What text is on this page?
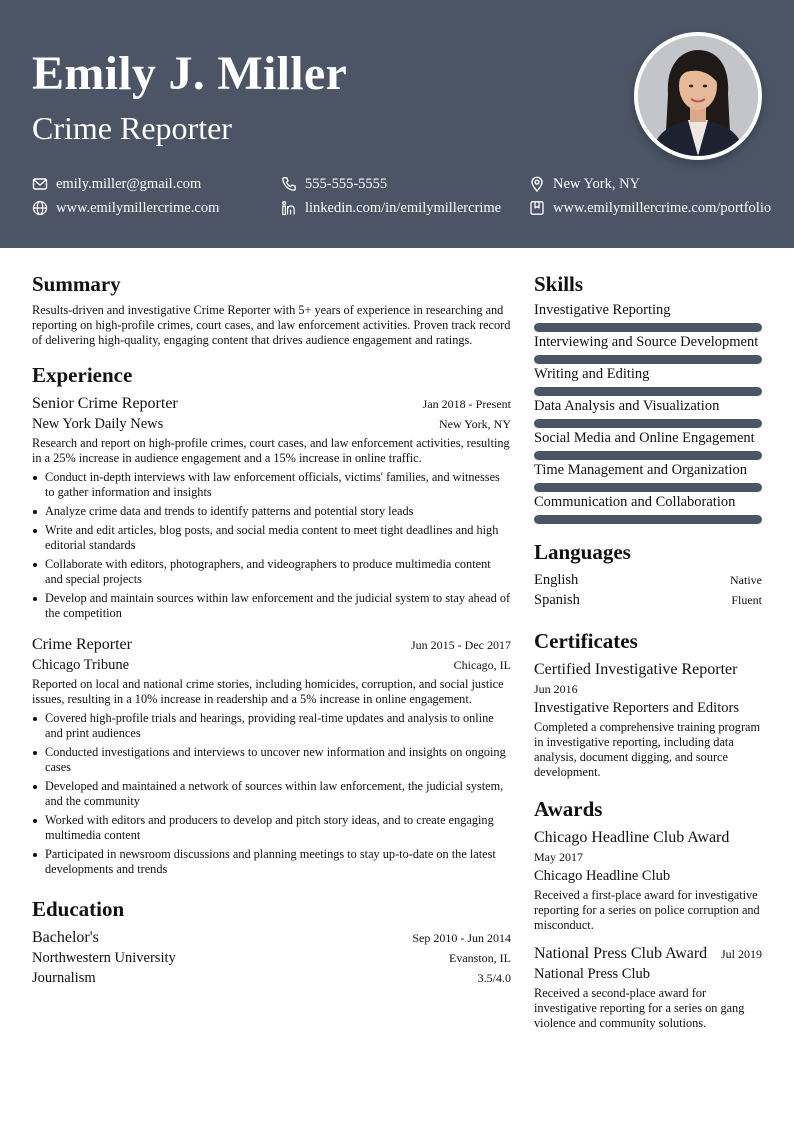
Emily J. Miller
Crime Reporter
emily.miller@gmail.com	555-555-5555	New York, NY
www.emilymillercrime.com	linkedin.com/in/emilymillercrime	www.emilymillercrime.com/portfolio
Summary
Results-driven and investigative Crime Reporter with 5+ years of experience in researching and reporting on high-profile crimes, court cases, and law enforcement activities. Proven track record of delivering high-quality, engaging content that drives audience engagement and ratings.
Experience
Senior Crime Reporter	Jan 2018 - Present
New York Daily News	New York, NY
Research and report on high-profile crimes, court cases, and law enforcement activities, resulting in a 25% increase in audience engagement and a 15% increase in online traffic.
Conduct in-depth interviews with law enforcement officials, victims' families, and witnesses to gather information and insights
Analyze crime data and trends to identify patterns and potential story leads
Write and edit articles, blog posts, and social media content to meet tight deadlines and high editorial standards
Collaborate with editors, photographers, and videographers to produce multimedia content and special projects
Develop and maintain sources within law enforcement and the judicial system to stay ahead of the competition
Crime Reporter	Jun 2015 - Dec 2017
Chicago Tribune	Chicago, IL
Reported on local and national crime stories, including homicides, corruption, and social justice issues, resulting in a 10% increase in readership and a 5% increase in online engagement.
Covered high-profile trials and hearings, providing real-time updates and analysis to online and print audiences
Conducted investigations and interviews to uncover new information and insights on ongoing cases
Developed and maintained a network of sources within law enforcement, the judicial system, and the community
Worked with editors and producers to develop and pitch story ideas, and to create engaging multimedia content
Participated in newsroom discussions and planning meetings to stay up-to-date on the latest developments and trends
Education
Bachelor's	Sep 2010 - Jun 2014
Northwestern University	Evanston, IL
Journalism	3.5/4.0
Skills
Investigative Reporting
Interviewing and Source Development
Writing and Editing
Data Analysis and Visualization
Social Media and Online Engagement
Time Management and Organization
Communication and Collaboration
Languages
English	Native
Spanish	Fluent
Certificates
Certified Investigative Reporter
Jun 2016
Investigative Reporters and Editors
Completed a comprehensive training program in investigative reporting, including data analysis, document digging, and source development.
Awards
Chicago Headline Club Award
May 2017
Chicago Headline Club
Received a first-place award for investigative reporting for a series on police corruption and misconduct.
National Press Club Award Jul 2019
National Press Club
Received a second-place award for investigative reporting for a series on gang violence and community solutions.
